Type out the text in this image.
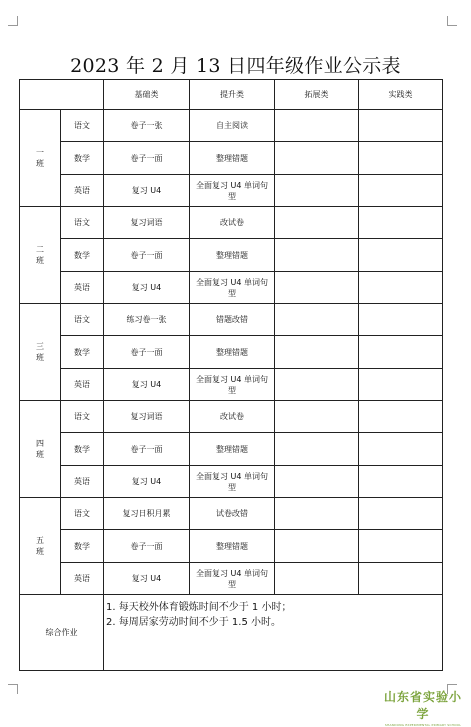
2023 年 2 月 13 日四年级作业公示表
		基础类	提升类	拓展类	实践类
一
班	语文	卷子一张	自主阅读		
	数学	卷子一面	整理错题		
	英语	复习 U4	全面复习 U4 单词句型		
二
班	语文	复习词语	改试卷		
	数学	卷子一面	整理错题		
	英语	复习 U4	全面复习 U4 单词句型		
三
班	语文	练习卷一张	错题改错		
	数学	卷子一面	整理错题		
	英语	复习 U4	全面复习 U4 单词句型		
四
班	语文	复习词语	改试卷		
	数学	卷子一面	整理错题		
	英语	复习 U4	全面复习 U4 单词句型		
五
班	语文	复习日积月累	试卷改错		
	数学	卷子一面	整理错题		
	英语	复习 U4	全面复习 U4 单词句型		
综合作业		1. 每天校外体育锻炼时间不少于 1 小时；
2. 每周居家劳动时间不少于 1.5 小时。			
山东省实验小学
SHANDONG EXPERIMENTAL PRIMARY SCHOOL
